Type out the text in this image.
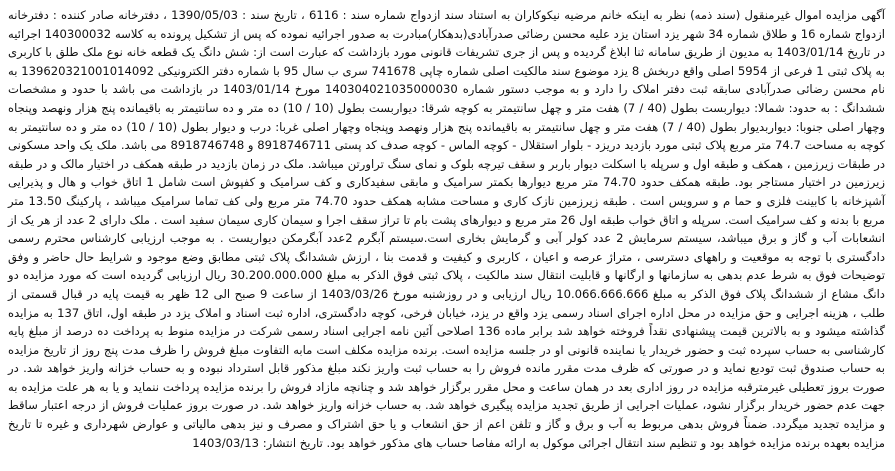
آگهی مزایده اموال غیرمنقول (سند ذمه) نظر به اینکه خانم مرضیه نیکوکاران به استناد سند ازدواج شماره سند : 6116 ، تاریخ سند : 1390/05/03 ، دفترخانه صادر کننده : دفترخانه ازدواج شماره 16 و طلاق شماره 34 شهر یزد استان یزد علیه محسن رضائی صدرآبادی(بدهکار)مبادرت به صدور اجرائیه نموده که پس از تشکیل پرونده به کلاسه 140300032 اجرائیه در تاریخ 1403/01/14 به مدیون از طریق سامانه ثنا ابلاغ گردیده و پس از جری تشریفات قانونی مورد بازداشت که عبارت است از: شش دانگ یک قطعه خانه نوع ملک طلق با کاربری به پلاک ثبتی 1 فرعی از 5954 اصلی واقع دربخش 8 یزد موضوع سند مالکیت اصلی شماره چاپی 741678 سری ب سال 95 با شماره دفتر الکترونیکی 139620321001014092 به نام محسن رضائی صدرآبادی سابقه ثبت دفتر املاک را دارد و به موجب دستور شماره 140304021035000030 مورخ 1403/01/14 در بازداشت می باشد با حدود و مشخصات ششدانگ : به حدود: شمالا: دیواربست بطول (40 / 7) هفت متر و چهل سانتیمتر به کوچه شرقا: دیواربست بطول (10 / 10) ده متر و ده سانتیمتر به باقیمانده پنج هزار ونهصد وپنجاه وچهار اصلی جنوبا: دیواربدیوار بطول (40 / 7) هفت متر و چهل سانتیمتر به باقیمانده پنج هزار ونهصد وپنجاه وچهار اصلی غربا: درب و دیوار بطول (10 / 10) ده متر و ده سانتیمتر به کوچه به مساحت 74.7 متر مربع پلاک ثبتی مورد بازدید دریزد - بلوار استقلال - کوچه الماس - کوچه صدف کد پستی 8918746711 و 8918746748 می باشد. ملک یک واحد مسکونی در طبقات زیرزمین ، همکف و طبقه اول و سرپله با اسکلت دیوار باربر و سقف تیرچه بلوک و نمای سنگ تراورتن میباشد. ملک در زمان بازدید در طبقه همکف در اختیار مالک و در طبقه زیرزمین در اختیار مستاجر بود. طبقه همکف حدود 74.70 متر مربع دیوارها بکمتر سرامیک و مابقی سفیدکاری و کف سرامیک و کفپوش است شامل 1 اتاق خواب و هال و پذیرایی آشپزخانه با کابینت فلزی و حما م و سرویس است . طبقه زیرزمین نازک کاری و مساحت مشابه همکف حدود 74.70 متر مربع ولی کف تماما سرامیک میباشد ، پارکینگ 13.50 متر مربع با بدنه و کف سرامیک است. سرپله و اتاق خواب طبقه اول 26 متر مربع و دیوارهای پشت بام تا تراز سقف اجرا و سیمان کاری سیمان سفید است . ملک دارای 2 عدد از هر یک از انشعابات آب و گاز و برق میباشد، سیستم سرمایش 2 عدد کولر آبی و گرمایش بخاری است.سیستم آبگرم 2عدد آبگرمکن دیواریست . به موجب ارزیابی کارشناس محترم رسمی دادگستری با توجه به موقعیت و راههای دسترسی ، متراژ عرصه و اعیان ، کاربری و کیفیت و قدمت بنا ، ارزش ششدانگ پلاک ثبتی مطابق وضع موجود و شرایط حال حاضر و وفق توضیحات فوق به شرط عدم بدهی به سازمانها و ارگانها و قابلیت انتقال سند مالکیت ، پلاک ثبتی فوق الذکر به مبلغ 30.200.000.000 ریال ارزیابی گردیده است که مورد مزایده دو دانگ مشاع از ششدانگ پلاک فوق الذکر به مبلغ 10.066.666.666 ریال ارزیابی و در روزشنبه مورخ 1403/03/26 از ساعت 9 صبح الی 12 ظهر به قیمت پایه در قبال قسمتی از طلب ، هزینه اجرایی و حق مزایده در محل اداره اجرای اسناد رسمی یزد واقع در یزد، خیابان فرخی، کوچه دادگستری، اداره ثبت اسناد و املاک یزد در طبقه اول، اتاق 137 به مزایده گذاشته میشود و به بالاترین قیمت پیشنهادی نقداً فروخته خواهد شد برابر ماده 136 اصلاحی آئین نامه اجرایی اسناد رسمی شرکت در مزایده منوط به پرداخت ده درصد از مبلغ پایه کارشناسی به حساب سپرده ثبت و حضور خریدار یا نماینده قانونی او در جلسه مزایده است. برنده مزایده مکلف است مابه التفاوت مبلغ فروش را ظرف مدت پنج روز از تاریخ مزایده به حساب صندوق ثبت تودیع نماید و در صورتی که ظرف مدت مقرر مانده فروش را به حساب ثبت واریز نکند مبلغ مذکور قابل استرداد نبوده و به حساب خزانه واریز خواهد شد. در صورت بروز تعطیلی غیرمترقبه مزایده در روز اداری بعد در همان ساعت و محل مقرر برگزار خواهد شد و چنانچه مازاد فروش را برنده مزایده پرداخت ننماید و یا به هر علت مزایده به جهت عدم حضور خریدار برگزار نشود، عملیات اجرایی از طریق تجدید مزایده پیگیری خواهد شد. به حساب خزانه واریز خواهد شد. در صورت بروز عملیات فروش از درجه اعتبار ساقط و مزایده تجدید میگردد. ضمناً فروش بدهی مربوط به آب و برق و گاز و تلفن اعم از حق انشعاب و یا حق اشتراک و مصرف و نیز بدهی مالیاتی و عوارض شهرداری و غیره تا تاریخ مزایده بعهده برنده مزایده خواهد بود و تنظیم سند انتقال اجرائی موکول به ارائه مفاصا حساب های مذکور خواهد بود. تاریخ انتشار: 1403/03/13
